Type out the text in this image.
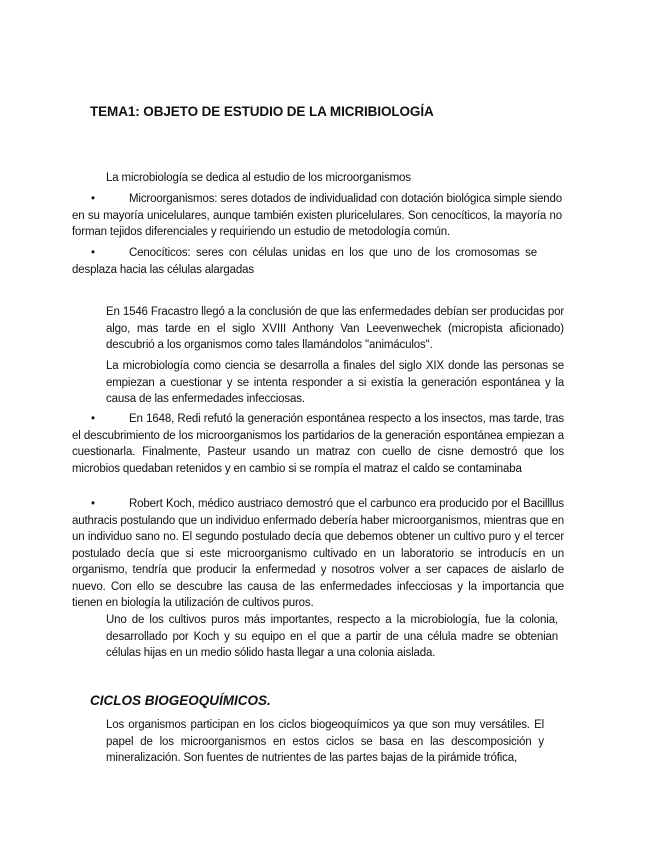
TEMA1: OBJETO DE ESTUDIO DE LA MICRIBIOLOGÍA
La microbiología se dedica al estudio de los microorganismos
•	Microorganismos: seres dotados de individualidad con dotación biológica simple siendo en su mayoría unicelulares, aunque también existen pluricelulares. Son cenocíticos, la mayoría no forman tejidos diferenciales y requiriendo un estudio de metodología común.
•	Cenocíticos: seres con células unidas en los que uno de los cromosomas se desplaza hacia las células alargadas
En 1546 Fracastro llegó a la conclusión de que las enfermedades debían ser producidas por algo, mas tarde en el siglo XVIII Anthony Van Leevenwechek (micropista aficionado) descubrió a los organismos como tales llamándolos "animáculos".
La microbiología como ciencia se desarrolla a finales del siglo XIX donde las personas se empiezan a cuestionar y se intenta responder a si existía la generación espontánea y la causa de las enfermedades infecciosas.
•	En 1648, Redi refutó la generación espontánea respecto a los insectos, mas tarde, tras el descubrimiento de los microorganismos los partidarios de la generación espontánea empiezan a cuestionarla. Finalmente, Pasteur usando un matraz con cuello de cisne demostró que los microbios quedaban retenidos y en cambio si se rompía el matraz el caldo se contaminaba
•	Robert Koch, médico austriaco demostró que el carbunco era producido por el Bacilllus authracis postulando que un individuo enfermado debería haber microorganismos, mientras que en un individuo sano no. El segundo postulado decía que debemos obtener un cultivo puro y el tercer postulado decía que si este microorganismo cultivado en un laboratorio se introducís en un organismo, tendría que producir la enfermedad y nosotros volver a ser capaces de aislarlo de nuevo. Con ello se descubre las causa de las enfermedades infecciosas y la importancia que tienen en biología la utilización de cultivos puros.
Uno de los cultivos puros más importantes, respecto a la microbiología, fue la colonia, desarrollado por Koch y su equipo en el que a partir de una célula madre se obtenian células hijas en un medio sólido hasta llegar a una colonia aislada.
CICLOS BIOGEOQUÍMICOS.
Los organismos participan en los ciclos biogeoquímicos ya que son muy versátiles. El papel de los microorganismos en estos ciclos se basa en las descomposición y mineralización. Son fuentes de nutrientes de las partes bajas de la pirámide trófica,
